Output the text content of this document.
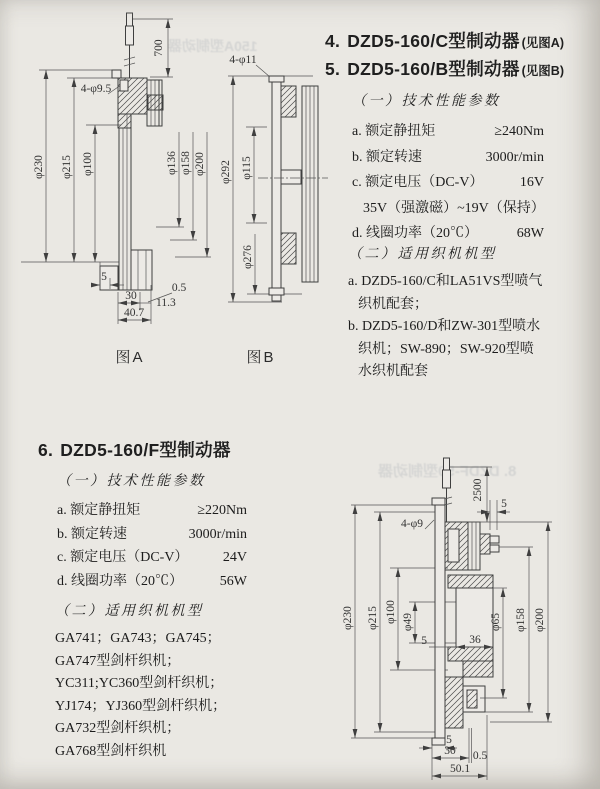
150A型制动器
8. DZDF-50型制动器
700
4-φ9.5
φ230 φ215 φ100	φ136 φ158 φ200
5
30
11.3
0.5
40.7
图A
4-φ11
φ292 φ115
φ276
图B
4. DZD5-160/C型制动器 (见图A)
5. DZD5-160/B型制动器 (见图B)
（一）技术性能参数
a. 额定静扭矩	≥240Nm
b. 额定转速	3000r/min
c. 额定电压（DC-V）	16V
35V（强激磁）~19V（保持）
d. 线圈功率（20℃）	68W
（二）适用织机机型
a. DZD5-160/C和LA51VS型喷气
织机配套；
b. DZD5-160/D和ZW-301型喷水
织机；SW-890；SW-920型喷
水织机配套
6. DZD5-160/F型制动器
（一）技术性能参数
a. 额定静扭矩	≥220Nm
b. 额定转速	3000r/min
c. 额定电压（DC-V） 24V
d. 线圈功率（20℃）	56W
（二）适用织机机型
GA741；GA743；GA745；
GA747型剑杆织机；
YC311;YC360型剑杆织机；
YJ174；YJ360型剑杆织机；
GA732型剑杆织机；
GA768型剑杆织机
2500
5
4-φ9
φ230 φ215 φ100 φ49	φ65 φ158 φ200
36
5
5
30 0.5
50.1
